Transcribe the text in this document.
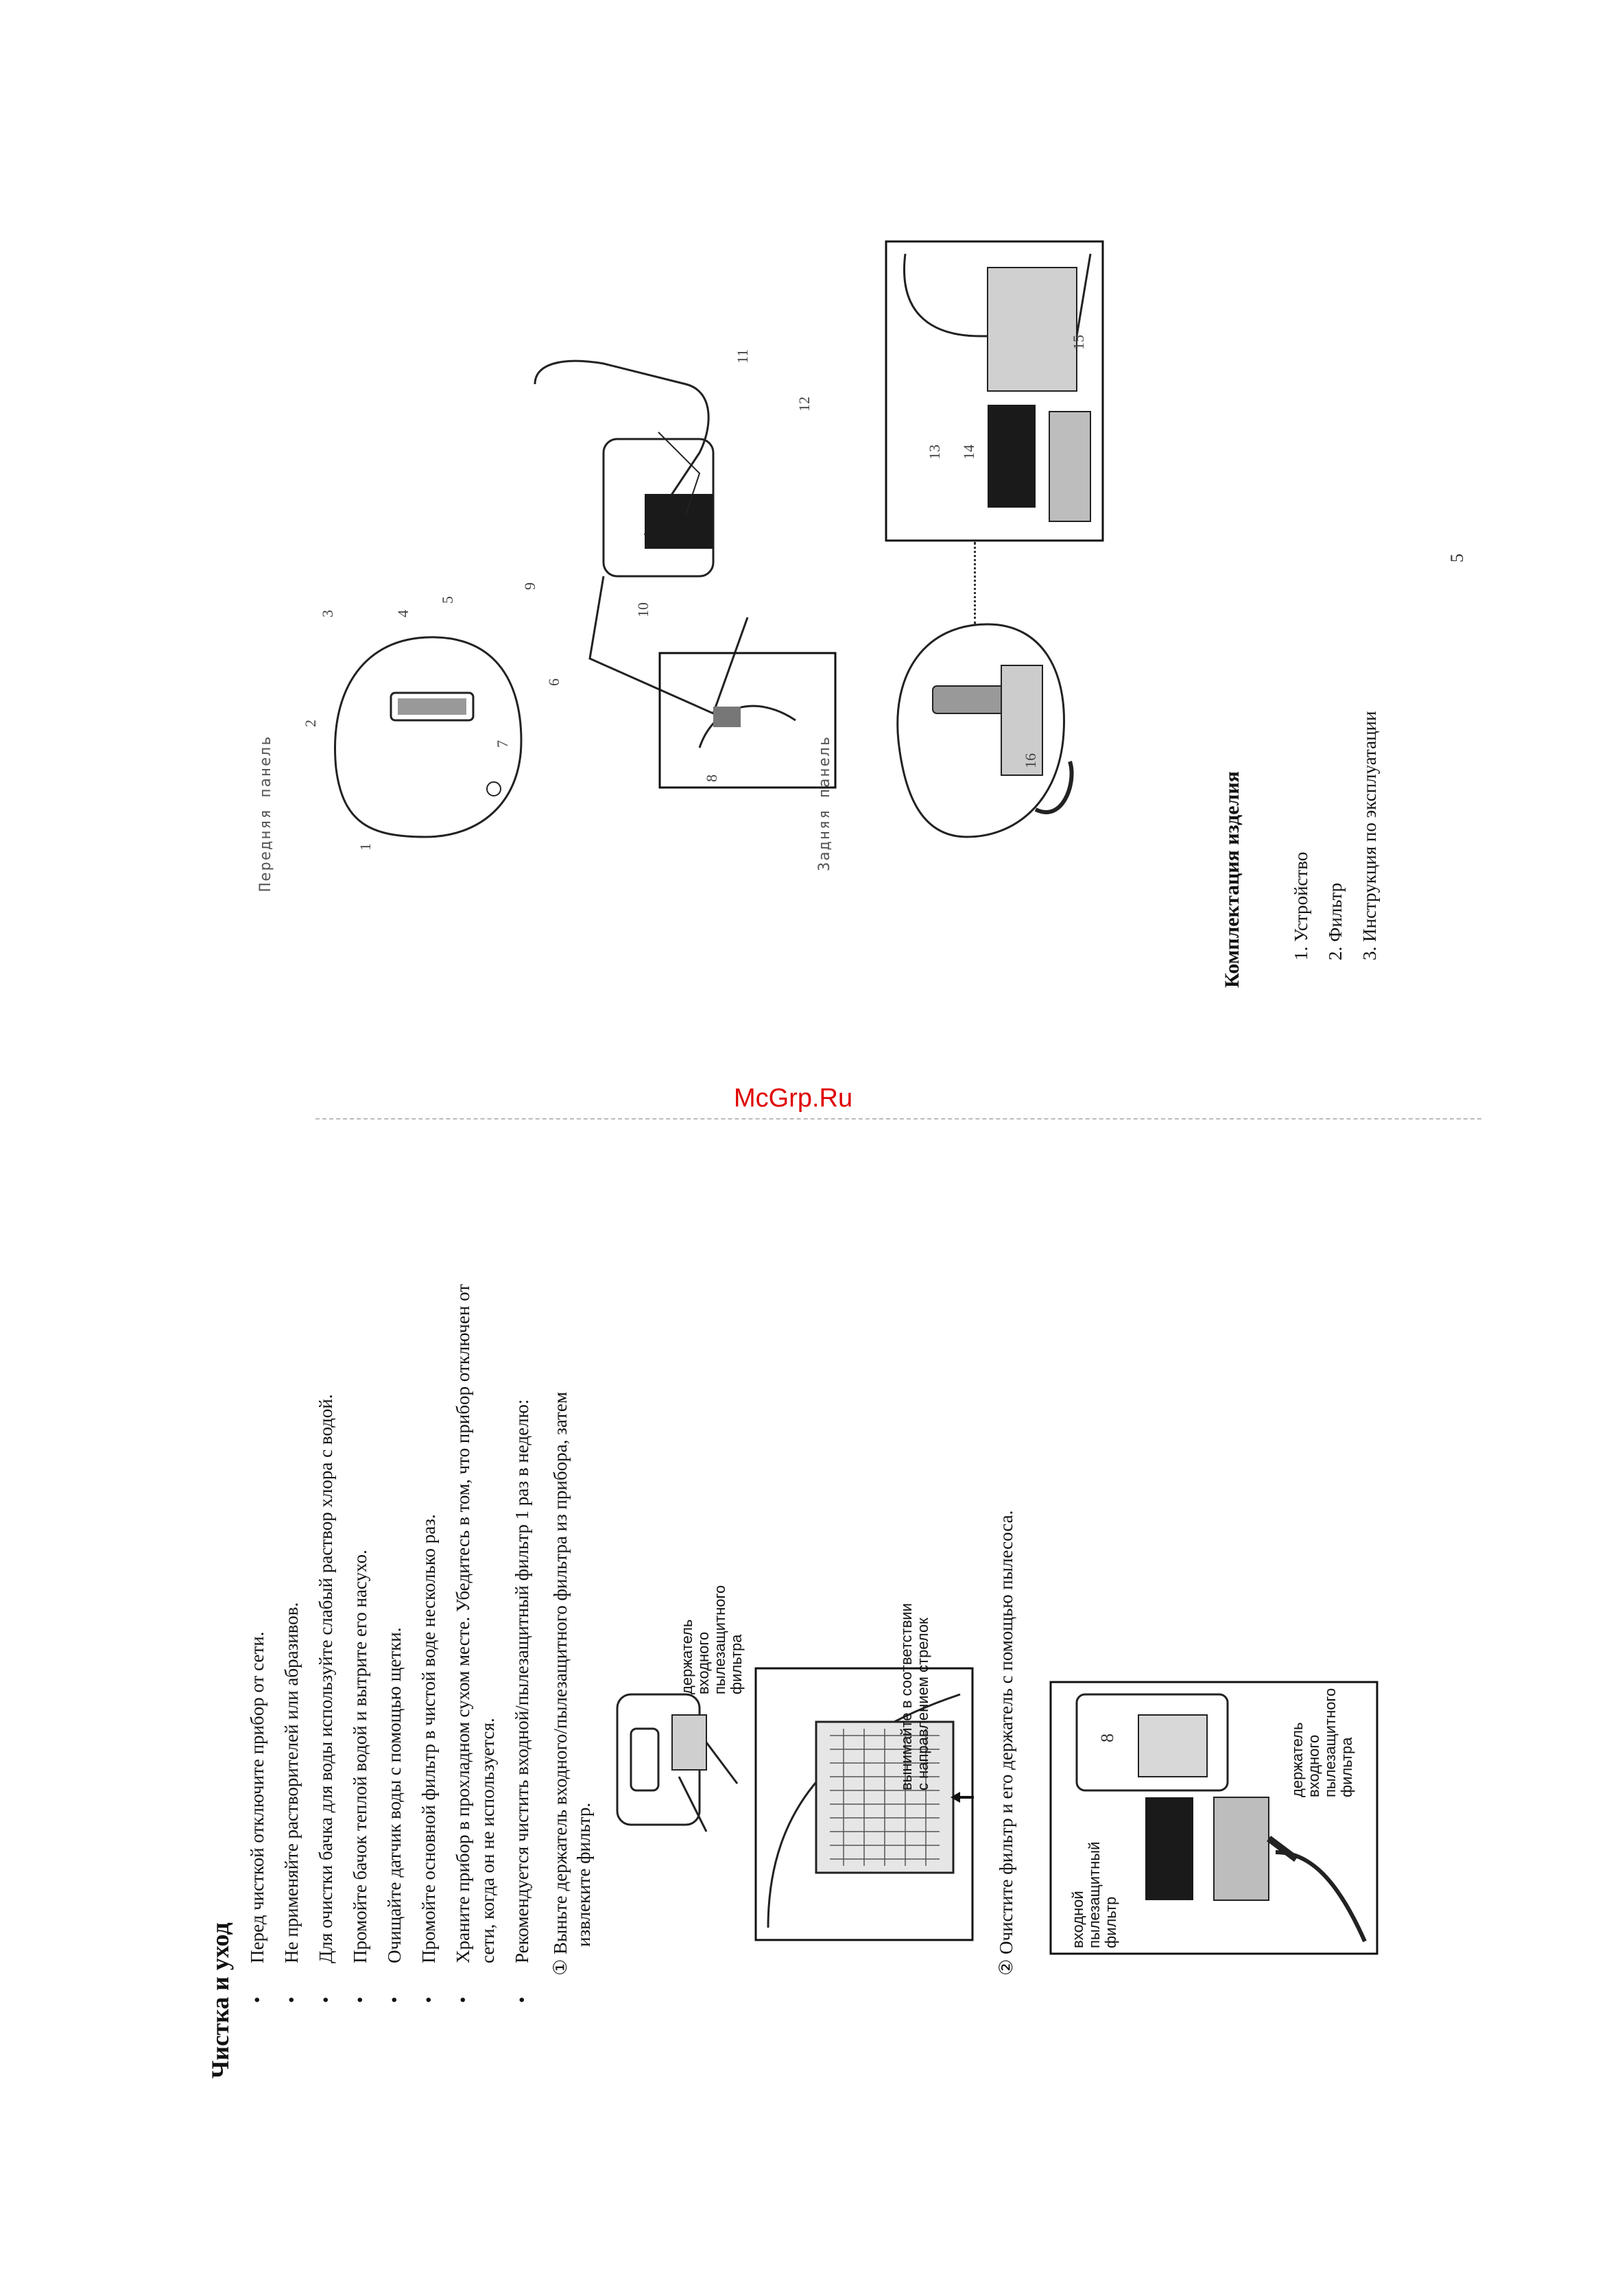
Чистка и уход •Перед чисткой отключите прибор от сети.
•Не применяйте растворителей или абразивов.
•Для очистки бачка для воды используйте слабый раствор хлора с водой.
•Промойте бачок теплой водой и вытрите его насухо.
•Очищайте датчик воды с помощью щетки.
•Промойте основной фильтр в чистой воде несколько раз.
•Храните прибор в прохладном сухом месте. Убедитесь в том, что прибор отключен от сети, когда он не используется.
•Рекомендуется чистить входной/пылезащитный фильтр 1 раз в неделю: ① Выньте держатель входного/пылезащитного фильтра из прибора, затем извлеките фильтр.
держатель входного пылезащитного фильтра	вынимайте в соответствии с направлением стрелок	② Очистите фильтр и его держатель с помощью пылесоса.	входной пылезащитный фильтр
держатель входного пылезащитного фильтра
8
McGrp.Ru
Передняя панель	Задняя панель
1
2
3	4
5
6
7
8
9
10
11
12
13 14
15
16
Комплектация изделия	1. Устройство 2. Фильтр 3. Инструкция по эксплуатации
5
